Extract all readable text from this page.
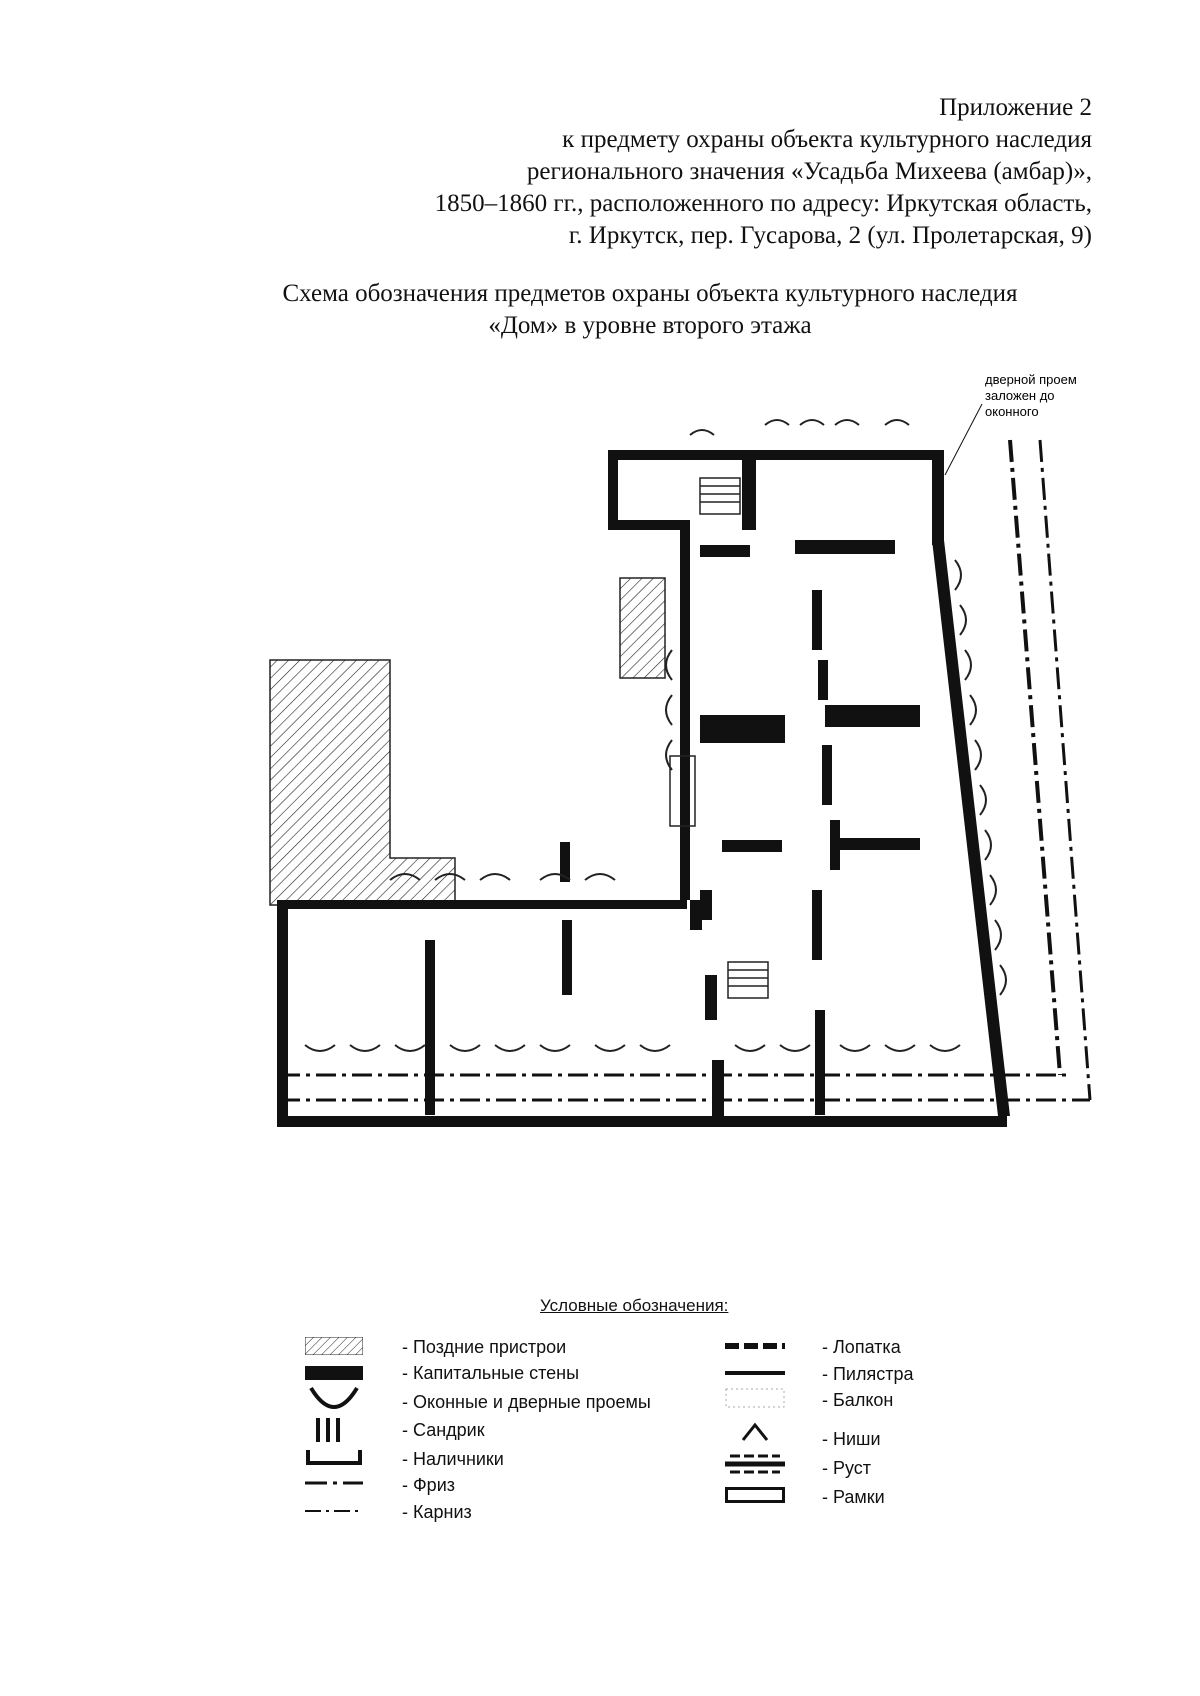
Приложение 2
к предмету охраны объекта культурного наследия
регионального значения «Усадьба Михеева (амбар)»,
1850–1860 гг., расположенного по адресу: Иркутская область,
г. Иркутск, пер. Гусарова, 2 (ул. Пролетарская, 9)
Схема обозначения предметов охраны объекта культурного наследия
«Дом» в уровне второго этажа
дверной проем
заложен до
оконного
Условные обозначения:
- Поздние пристрои
- Капитальные стены
- Оконные и дверные проемы
- Сандрик
- Наличники
- Фриз
- Карниз
- Лопатка
- Пилястра
- Балкон
- Ниши
- Руст
- Рамки
